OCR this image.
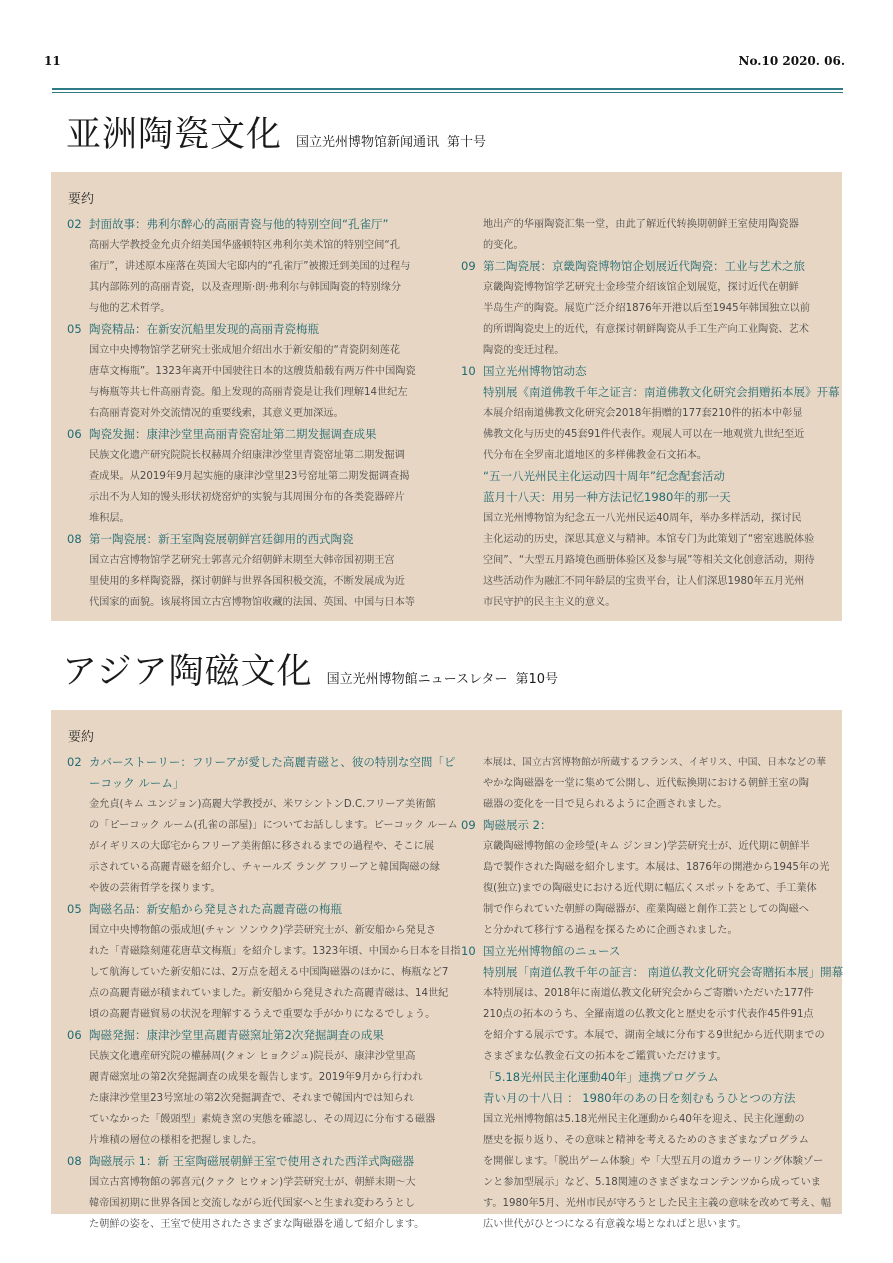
11	No.10 2020. 06.
亚洲陶瓷文化 国立光州博物馆新闻通讯 第十号
要约
02 封面故事：弗利尔醉心的高丽青瓷与他的特别空间“孔雀厅”

高丽大学教授金允贞介绍美国华盛顿特区弗利尔美术馆的特别空间“孔

雀厅”，讲述原本座落在英国大宅邸内的“孔雀厅”被搬迁到美国的过程与

其内部陈列的高丽青瓷，以及查理斯·朗·弗利尔与韩国陶瓷的特别缘分

与他的艺术哲学。

05 陶瓷精品：在新安沉船里发现的高丽青瓷梅瓶

国立中央博物馆学艺研究士张成旭介绍出水于新安船的“青瓷阴刻莲花

唐草文梅瓶”。1323年离开中国驶往日本的这艘货船载有两万件中国陶瓷

与梅瓶等共七件高丽青瓷。船上发现的高丽青瓷是让我们理解14世纪左

右高丽青瓷对外交流情况的重要线索，其意义更加深远。

06 陶瓷发掘：康津沙堂里高丽青瓷窑址第二期发掘调查成果

民族文化遗产研究院院长权赫周介绍康津沙堂里青瓷窑址第二期发掘调

查成果。从2019年9月起实施的康津沙堂里23号窑址第二期发掘调查揭

示出不为人知的馒头形状初烧窑炉的实貌与其周围分布的各类瓷器碎片

堆积层。

08 第一陶瓷展：新王室陶瓷展朝鲜宫廷御用的西式陶瓷

国立古宫博物馆学艺研究士郭喜元介绍朝鲜末期至大韩帝国初期王宫

里使用的多样陶瓷器，探讨朝鲜与世界各国积极交流，不断发展成为近

代国家的面貌。该展将国立古宫博物馆收藏的法国、英国、中国与日本等

地出产的华丽陶瓷汇集一堂，由此了解近代转换期朝鲜王室使用陶瓷器

的变化。

09 第二陶瓷展：京畿陶瓷博物馆企划展近代陶瓷：工业与艺术之旅

京畿陶瓷博物馆学艺研究士金珍莹介绍该馆企划展览，探讨近代在朝鲜

半岛生产的陶瓷。展览广泛介绍1876年开港以后至1945年韩国独立以前

的所谓陶瓷史上的近代，有意探讨朝鲜陶瓷从手工生产向工业陶瓷、艺术

陶瓷的变迁过程。

10 国立光州博物馆动态
特别展《南道佛教千年之证言：南道佛教文化研究会捐赠拓本展》开幕

本展介绍南道佛教文化研究会2018年捐赠的177套210件的拓本中彰显

佛教文化与历史的45套91件代表作。观展人可以在一地观赏九世纪至近

代分布在全罗南北道地区的多样佛教金石文拓本。

“五一八光州民主化运动四十周年”纪念配套活动
蓝月十八天：用另一种方法记忆1980年的那一天

国立光州博物馆为纪念五一八光州民运40周年，举办多样活动，探讨民

主化运动的历史，深思其意义与精神。本馆专门为此策划了“密室逃脱体验

空间”、“大型五月路境色画册体验区及参与展”等相关文化创意活动，期待

这些活动作为融汇不同年龄层的宝贵平台，让人们深思1980年五月光州

市民守护的民主主义的意义。

アジア陶磁文化 国立光州博物館ニュースレター 第10号
要約
02 カバーストーリー：フリーアが愛した高麗青磁と、彼の特別な空間「ピ
ーコック ルーム」

金允貞(キム ユンジョン)高麗大学教授が、米ワシントンD.C.フリーア美術館

の「ピーコック ルーム(孔雀の部屋)」についてお話しします。ピーコック ルーム

がイギリスの大邸宅からフリーア美術館に移されるまでの過程や、そこに展

示されている高麗青磁を紹介し、チャールズ ラング フリーアと韓国陶磁の縁

や彼の芸術哲学を探ります。

05 陶磁名品：新安船から発見された高麗青磁の梅瓶

国立中央博物館の張成旭(チャン ソンウク)学芸研究士が、新安船から発見さ

れた「青磁陰刻蓮花唐草文梅瓶」を紹介します。1323年頃、中国から日本を目指

して航海していた新安船には、2万点を超える中国陶磁器のほかに、梅瓶など7

点の高麗青磁が積まれていました。新安船から発見された高麗青磁は、14世紀

頃の高麗青磁貿易の状況を理解するうえで重要な手がかりになるでしょう。

06 陶磁発掘：康津沙堂里高麗青磁窯址第2次発掘調査の成果

民族文化遺産研究院の權赫周(クォン ヒョクジュ)院長が、康津沙堂里高

麗青磁窯址の第2次発掘調査の成果を報告します。2019年9月から行われ

た康津沙堂里23号窯址の第2次発掘調査で、それまで韓国内では知られ

ていなかった「饅頭型」素焼き窯の実態を確認し、その周辺に分布する磁器

片堆積の層位の様相を把握しました。

08 陶磁展示 1：新 王室陶磁展朝鮮王室で使用された西洋式陶磁器

国立古宮博物館の郭喜元(クァク ヒウォン)学芸研究士が、朝鮮末期～大

韓帝国初期に世界各国と交流しながら近代国家へと生まれ変わろうとし

た朝鮮の姿を、王室で使用されたさまざまな陶磁器を通して紹介します。

本展は、国立古宮博物館が所蔵するフランス、イギリス、中国、日本などの華

やかな陶磁器を一堂に集めて公開し、近代転換期における朝鮮王室の陶

磁器の変化を一目で見られるように企画されました。

09 陶磁展示 2：

京畿陶磁博物館の金珍瑩(キム ジンヨン)学芸研究士が、近代期に朝鮮半

島で製作された陶磁を紹介します。本展は、1876年の開港から1945年の光

復(独立)までの陶磁史における近代期に幅広くスポットをあて、手工業体

制で作られていた朝鮮の陶磁器が、産業陶磁と創作工芸としての陶磁へ

と分かれて移行する過程を探るために企画されました。

10 国立光州博物館のニュース
特別展「南道仏教千年の証言： 南道仏教文化研究会寄贈拓本展」開幕

本特別展は、2018年に南道仏教文化研究会からご寄贈いただいた177件

210点の拓本のうち、全羅南道の仏教文化と歴史を示す代表作45件91点

を紹介する展示です。本展で、湖南全域に分布する9世紀から近代期までの

さまざまな仏教金石文の拓本をご鑑賞いただけます。

「5.18光州民主化運動40年」連携プログラム
青い月の十八日 ： 1980年のあの日を刻むもうひとつの方法

国立光州博物館は5.18光州民主化運動から40年を迎え、民主化運動の

歴史を振り返り、その意味と精神を考えるためのさまざまなプログラム

を開催します。「脱出ゲーム体験」や「大型五月の道カラーリング体験ゾー

ンと参加型展示」など、5.18関連のさまざまなコンテンツから成っていま

す。1980年5月、光州市民が守ろうとした民主主義の意味を改めて考え、幅

広い世代がひとつになる有意義な場となればと思います。
